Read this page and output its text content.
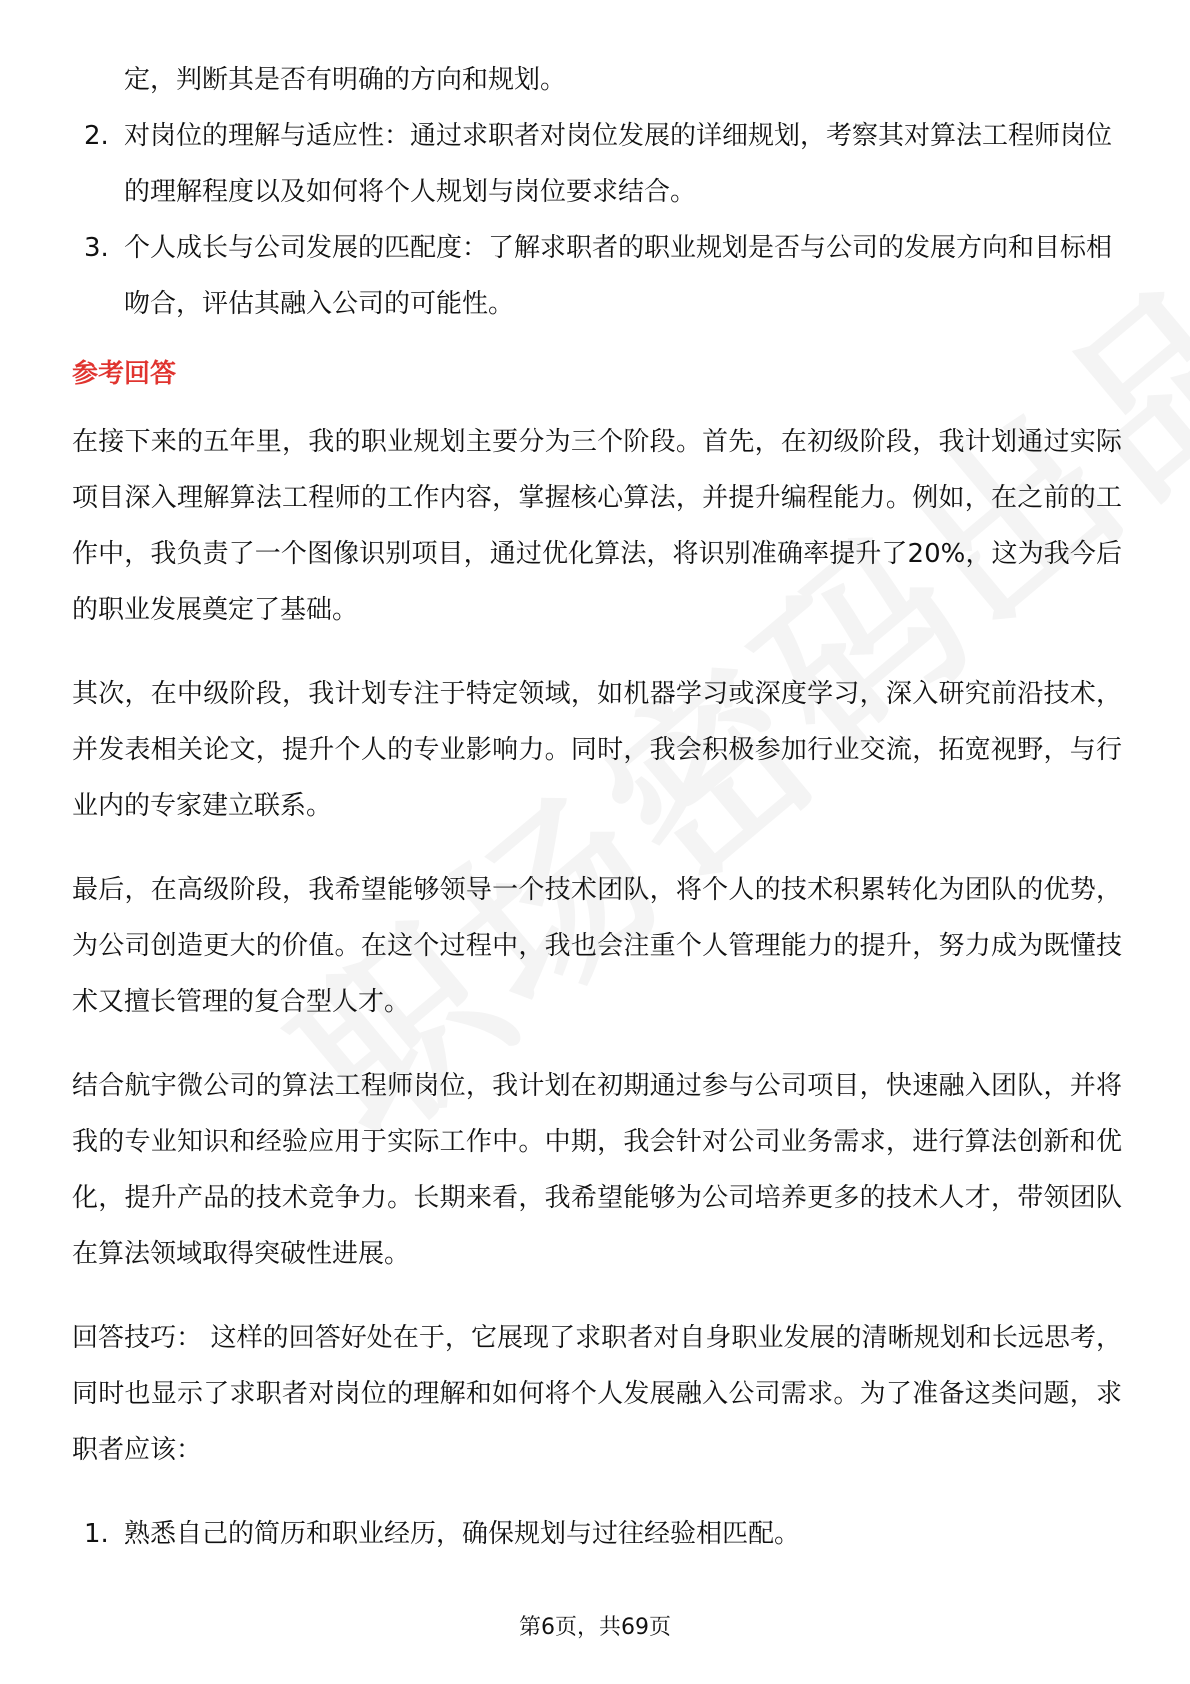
定，判断其是否有明确的方向和规划。
2. 对岗位的理解与适应性：通过求职者对岗位发展的详细规划，考察其对算法工程师岗位的理解程度以及如何将个人规划与岗位要求结合。
3. 个人成长与公司发展的匹配度：了解求职者的职业规划是否与公司的发展方向和目标相吻合，评估其融入公司的可能性。
参考回答

在接下来的五年里，我的职业规划主要分为三个阶段。首先，在初级阶段，我计划通过实际项目深入理解算法工程师的工作内容，掌握核心算法，并提升编程能力。例如，在之前的工作中，我负责了一个图像识别项目，通过优化算法，将识别准确率提升了20%，这为我今后的职业发展奠定了基础。

其次，在中级阶段，我计划专注于特定领域，如机器学习或深度学习，深入研究前沿技术，并发表相关论文，提升个人的专业影响力。同时，我会积极参加行业交流，拓宽视野，与行业内的专家建立联系。

最后，在高级阶段，我希望能够领导一个技术团队，将个人的技术积累转化为团队的优势，为公司创造更大的价值。在这个过程中，我也会注重个人管理能力的提升，努力成为既懂技术又擅长管理的复合型人才。

结合航宇微公司的算法工程师岗位，我计划在初期通过参与公司项目，快速融入团队，并将我的专业知识和经验应用于实际工作中。中期，我会针对公司业务需求，进行算法创新和优化，提升产品的技术竞争力。长期来看，我希望能够为公司培养更多的技术人才，带领团队在算法领域取得突破性进展。

回答技巧： 这样的回答好处在于，它展现了求职者对自身职业发展的清晰规划和长远思考，同时也显示了求职者对岗位的理解和如何将个人发展融入公司需求。为了准备这类问题，求职者应该：

1. 熟悉自己的简历和职业经历，确保规划与过往经验相匹配。
第6页，共69页
